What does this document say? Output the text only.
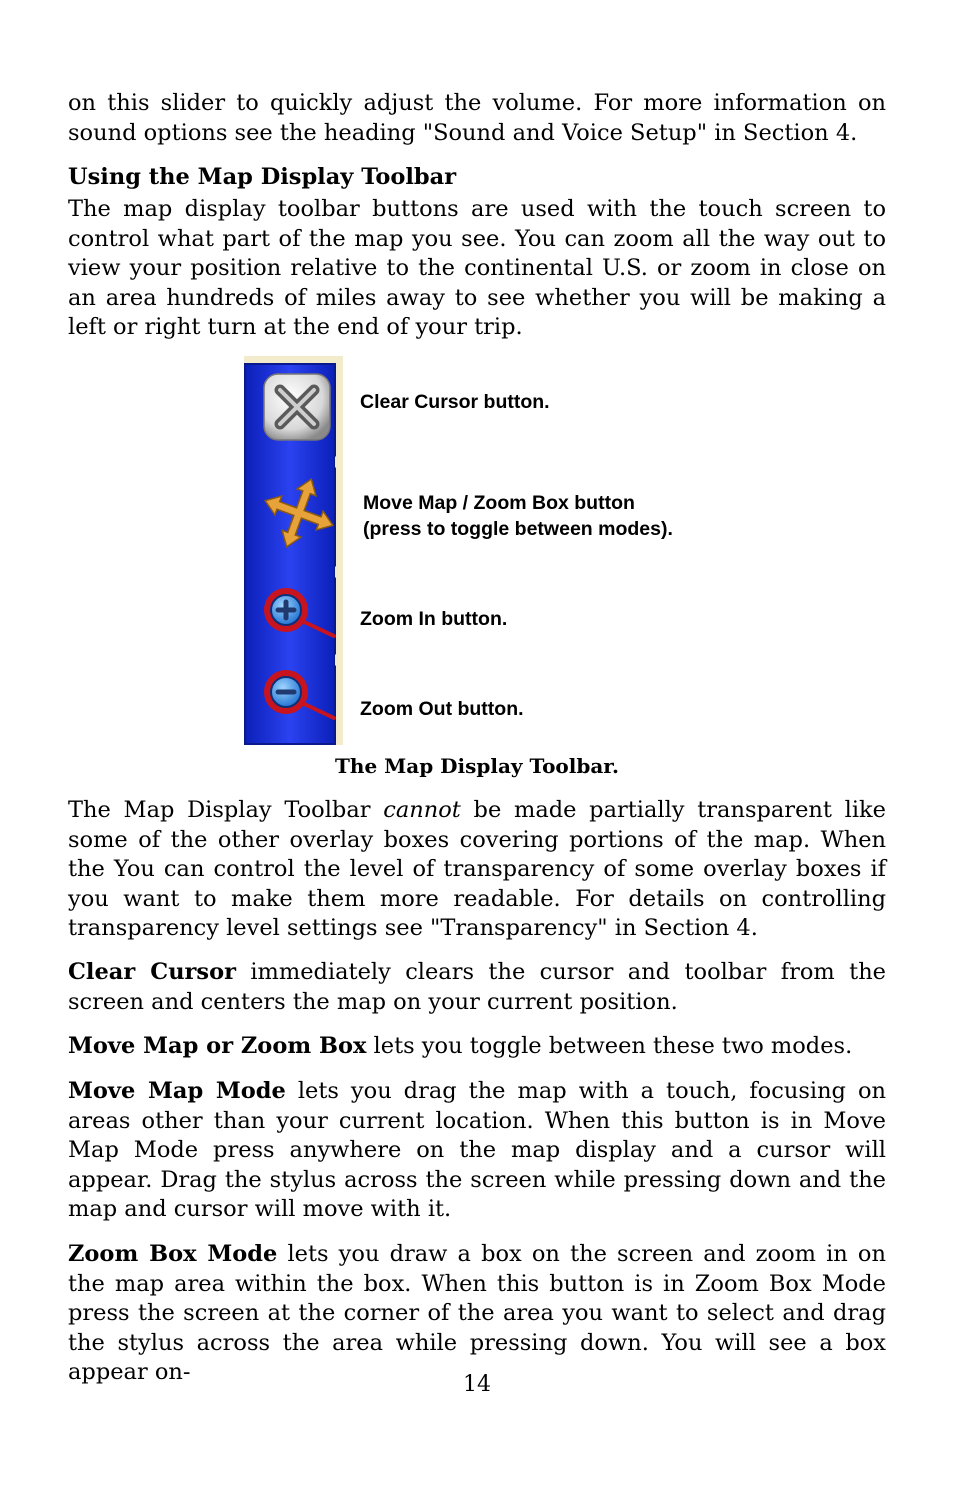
on this slider to quickly adjust the volume. For more information on sound options see the heading "Sound and Voice Setup" in Section 4.

Using the Map Display Toolbar

The map display toolbar buttons are used with the touch screen to control what part of the map you see. You can zoom all the way out to view your position relative to the continental U.S. or zoom in close on an area hundreds of miles away to see whether you will be making a left or right turn at the end of your trip.

Clear Cursor button.
Move Map / Zoom Box button
(press to toggle between modes).
Zoom In button.
Zoom Out button.
The Map Display Toolbar.

The Map Display Toolbar cannot be made partially transparent like some of the other overlay boxes covering portions of the map. When the You can control the level of transparency of some overlay boxes if you want to make them more readable. For details on controlling transparency level settings see "Transparency" in Section 4.

Clear Cursor immediately clears the cursor and toolbar from the screen and centers the map on your current position.

Move Map or Zoom Box lets you toggle between these two modes.

Move Map Mode lets you drag the map with a touch, focusing on areas other than your current location. When this button is in Move Map Mode press anywhere on the map display and a cursor will appear. Drag the stylus across the screen while pressing down and the map and cursor will move with it.

Zoom Box Mode lets you draw a box on the screen and zoom in on the map area within the box. When this button is in Zoom Box Mode press the screen at the corner of the area you want to select and drag the stylus across the area while pressing down. You will see a box appear on-	14
